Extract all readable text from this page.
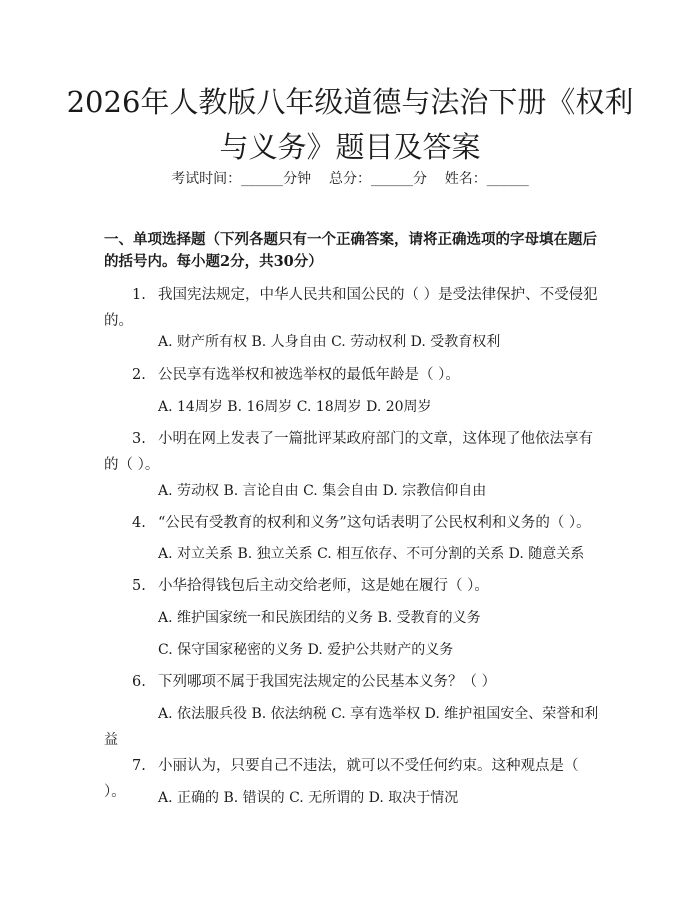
2026年人教版八年级道德与法治下册《权利与义务》题目及答案
考试时间：______分钟    总分：______分    姓名：______
一、单项选择题（下列各题只有一个正确答案，请将正确选项的字母填在题后的括号内。每小题2分，共30分）
1. 我国宪法规定，中华人民共和国公民的（ ）是受法律保护、不受侵犯的。
A. 财产所有权 B. 人身自由 C. 劳动权利 D. 受教育权利
2. 公民享有选举权和被选举权的最低年龄是（ ）。
A. 14周岁 B. 16周岁 C. 18周岁 D. 20周岁
3. 小明在网上发表了一篇批评某政府部门的文章，这体现了他依法享有的（ ）。
A. 劳动权 B. 言论自由 C. 集会自由 D. 宗教信仰自由
4. “公民有受教育的权利和义务”这句话表明了公民权利和义务的（ ）。
A. 对立关系 B. 独立关系 C. 相互依存、不可分割的关系 D. 随意关系
5. 小华拾得钱包后主动交给老师，这是她在履行（ ）。
A. 维护国家统一和民族团结的义务 B. 受教育的义务
C. 保守国家秘密的义务 D. 爱护公共财产的义务
6. 下列哪项不属于我国宪法规定的公民基本义务？（ ）
A. 依法服兵役 B. 依法纳税 C. 享有选举权 D. 维护祖国安全、荣誉和利益
7. 小丽认为，只要自己不违法，就可以不受任何约束。这种观点是（ ）。	A. 正确的 B. 错误的 C. 无所谓的 D. 取决于情况
